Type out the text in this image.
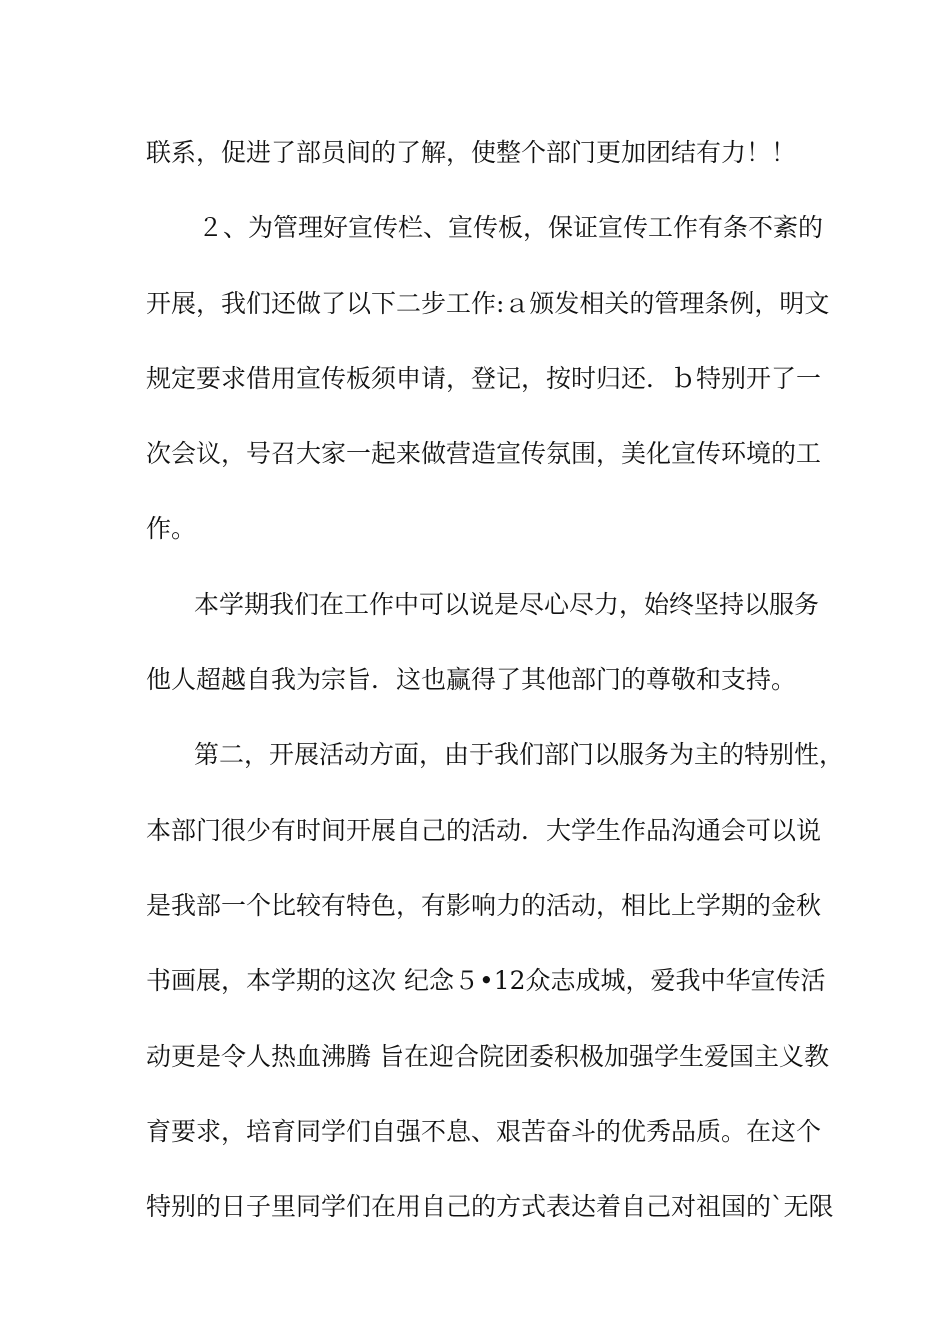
联系，促进了部员间的了解，使整个部门更加团结有力！！
２、为管理好宣传栏、宣传板，保证宣传工作有条不紊的
开展，我们还做了以下二步工作:ａ颁发相关的管理条例，明文
规定要求借用宣传板须申请，登记，按时归还．ｂ特别开了一
次会议，号召大家一起来做营造宣传氛围，美化宣传环境的工
作。
本学期我们在工作中可以说是尽心尽力，始终坚持以服务
他人超越自我为宗旨．这也赢得了其他部门的尊敬和支持。
第二，开展活动方面，由于我们部门以服务为主的特别性，
本部门很少有时间开展自己的活动．大学生作品沟通会可以说
是我部一个比较有特色，有影响力的活动，相比上学期的金秋
书画展，本学期的这次 纪念５•12众志成城，爱我中华宣传活
动更是令人热血沸腾 旨在迎合院团委积极加强学生爱国主义教
育要求，培育同学们自强不息、艰苦奋斗的优秀品质。在这个
特别的日子里同学们在用自己的方式表达着自己对祖国的`无限
